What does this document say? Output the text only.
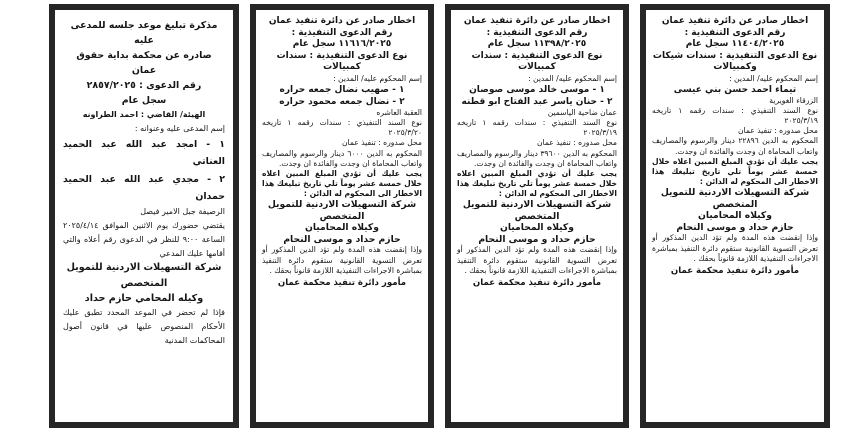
اخطار صادر عن دائرة تنفيذ عمان
رقم الدعوى التنفيذية :
١١٤٠٤/٢٠٢٥ سجل عام
نوع الدعوى التنفيذية : سندات شيكات وكمبيالات
إسم المحكوم عليه/ المدين :
تيماء احمد حسن بني عيسى
الزرقاء الغويرية
نوع السند التنفيذي : سندات رقمه ١ تاريخه ٢٠٢٥/٣/١٩
محل صدوره : تنفيذ عمان
المحكوم به الدين ٢٢٨٩٦ دينار والرسوم والمصاريف واتعاب المحاماة ان وجدت والفائدة ان وجدت.
يجب عليك أن تؤدي المبلغ المبين اعلاه خلال خمسة عشر يوماً تلي تاريخ تبليغك هذا الاخطار الى المحكوم له الدائن :
شركة التسهيلات الاردنية للتمويل المتخصص
وكيلاه المحاميان
حازم حداد و موسى النحام
وإذا إنقضت هذه المدة ولم تؤد الدين المذكور أو تعرض التسوية القانونية ستقوم دائرة التنفيذ بمباشرة الاجراءات التنفيذية اللازمة قانوناً بحقك .
مأمور دائرة تنفيذ محكمة عمان
اخطار صادر عن دائرة تنفيذ عمان
رقم الدعوى التنفيذية :
١١٣٩٨/٢٠٢٥ سجل عام
نوع الدعوى التنفيذية : سندات كمبيالات
إسم المحكوم عليه/ المدين :
١ - موسى خالد موسى صوصان
٢ - حنان ياسر عبد الفتاح ابو قطنه
عمان ضاحية الياسمين
نوع السند التنفيذي : سندات رقمه ١ تاريخه ٢٠٢٥/٣/١٩
محل صدوره : تنفيذ عمان
المحكوم به الدين ٣٩٦٠٠ دينار والرسوم والمصاريف واتعاب المحاماة ان وجدت والفائدة ان وجدت.
يجب عليك أن تؤدي المبلغ المبين اعلاه خلال خمسة عشر يوماً تلي تاريخ تبليغك هذا الاخطار الى المحكوم له الدائن :
شركة التسهيلات الاردنية للتمويل المتخصص
وكيلاه المحاميان
حازم حداد و موسى النحام
وإذا إنقضت هذه المدة ولم تؤد الدين المذكور أو تعرض التسوية القانونية ستقوم دائرة التنفيذ بمباشرة الاجراءات التنفيذية اللازمة قانوناً بحقك .
مأمور دائرة تنفيذ محكمة عمان
اخطار صادر عن دائرة تنفيذ عمان
رقم الدعوى التنفيذية :
١١٦١٦/٢٠٢٥ سجل عام
نوع الدعوى التنفيذية : سندات كمبيالات
إسم المحكوم عليه/ المدين :
١ - صهيب نضال جمعه حراره
٢ - نضال جمعه محمود حراره
العقبة العاشره
نوع السند التنفيذي : سندات رقمه ١ تاريخه ٢٠٢٥/٣/٢٠
محل صدوره : تنفيذ عمان
المحكوم به الدين ٦٠٠٠ دينار والرسوم والمصاريف واتعاب المحاماة ان وجدت والفائدة ان وجدت.
يجب عليك أن تؤدي المبلغ المبين اعلاه خلال خمسة عشر يوماً تلي تاريخ تبليغك هذا الاخطار الى المحكوم له الدائن :
شركة التسهيلات الاردنية للتمويل المتخصص
وكيلاه المحاميان
حازم حداد و موسى النحام
وإذا إنقضت هذه المدة ولم تؤد الدين المذكور أو تعرض التسوية القانونية ستقوم دائرة التنفيذ بمباشرة الاجراءات التنفيذية اللازمة قانوناً بحقك .
مأمور دائرة تنفيذ محكمة عمان
مذكرة تبليغ موعد جلسه للمدعى عليه
صادره عن محكمة بداية حقوق عمان
رقم الدعوى : ٢٨٥٧/٢٠٢٥
سجل عام
الهيئة/ القاضي : احمد الطراونه
إسم المدعى عليه وعنوانه :
١ - امجد عبد الله عبد الحميد العناتي
٢ - مجدي عبد الله عبد الحميد حمدان
الرصيفة جبل الامير فيصل
يقتضي حضورك يوم الاثنين الموافق ٢٠٢٥/٤/١٤ الساعة ٩:٠٠ للنظر في الدعوى رقم أعلاه والتي أقامها عليك المدعي
شركة التسهيلات الاردنية للتمويل المتخصص
وكيله المحامي حازم حداد
فإذا لم تحضر في الموعد المحدد تطبق عليك الأحكام المنصوص عليها في قانون أصول المحاكمات المدنية
